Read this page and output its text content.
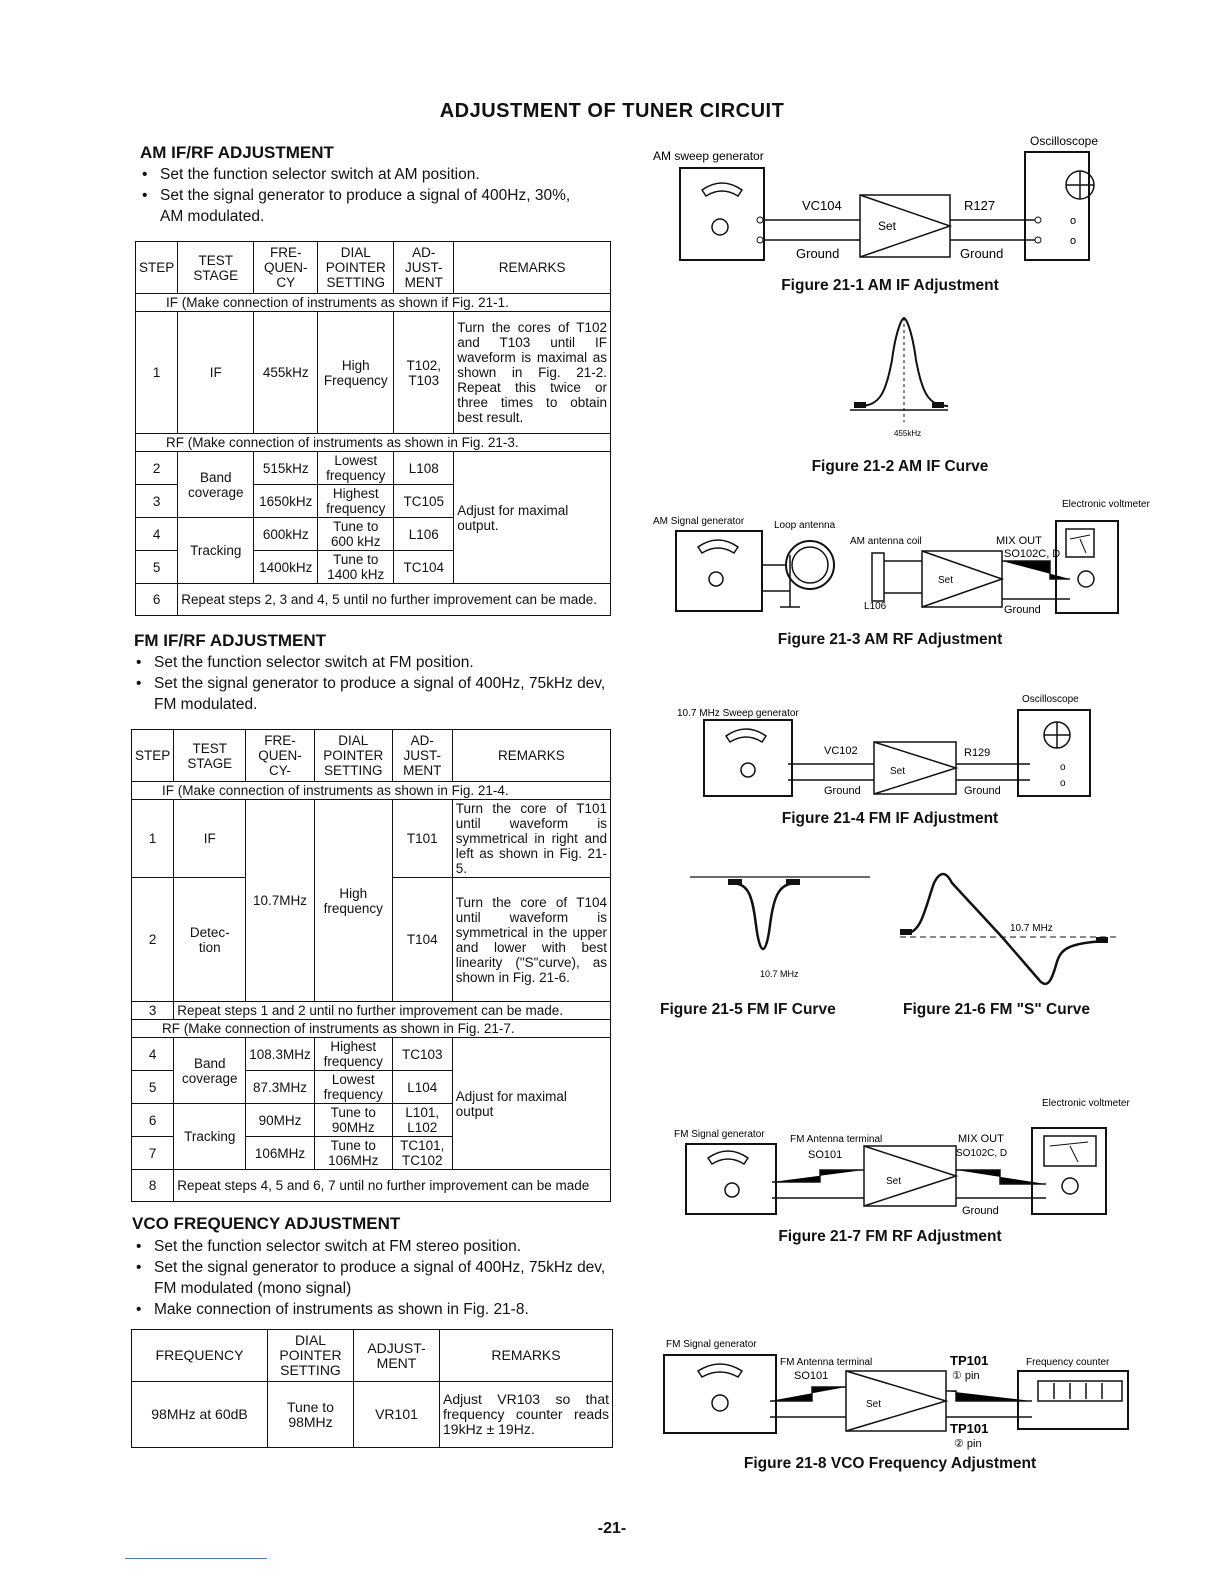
ADJUSTMENT OF TUNER CIRCUIT
AM IF/RF ADJUSTMENT
• Set the function selector switch at AM position.
• Set the signal generator to produce a signal of 400Hz, 30%, AM modulated.
STEP	TEST STAGE	FRE- QUEN- CY	DIAL POINTER SETTING	AD- JUST- MENT	REMARKS
IF (Make connection of instruments as shown if Fig. 21-1.					
1	IF	455kHz	High Frequency	T102, T103	Turn the cores of T102 and T103 until IF waveform is maximal as shown in Fig. 21-2. Repeat this twice or three times to obtain best result.
RF (Make connection of instruments as shown in Fig. 21-3.					
2	Band coverage	515kHz	Lowest frequency	L108	Adjust for maximal output.
3		1650kHz	Highest frequency	TC105	
4	Tracking	600kHz	Tune to 600 kHz	L106	
5		1400kHz	Tune to 1400 kHz	TC104	
6	Repeat steps 2, 3 and 4, 5 until no further improvement can be made.				
FM IF/RF ADJUSTMENT
• Set the function selector switch at FM position.
• Set the signal generator to produce a signal of 400Hz, 75kHz dev, FM modulated.
STEP	TEST STAGE	FRE- QUEN- CY-	DIAL POINTER SETTING	AD- JUST- MENT	REMARKS
IF (Make connection of instruments as shown in Fig. 21-4.					
1	IF	10.7MHz	High frequency	T101	Turn the core of T101 until waveform is symmetrical in right and left as shown in Fig. 21-5.
2	Detec- tion			T104	Turn the core of T104 until waveform is symmetrical in the upper and lower with best linearity ("S"curve), as shown in Fig. 21-6.
3	Repeat steps 1 and 2 until no further improvement can be made.				
RF (Make connection of instruments as shown in Fig. 21-7.					
4	Band coverage	108.3MHz	Highest frequency	TC103	Adjust for maximal output
5		87.3MHz	Lowest frequency	L104	
6	Tracking	90MHz	Tune to 90MHz	L101, L102	
7		106MHz	Tune to 106MHz	TC101, TC102	
8	Repeat steps 4, 5 and 6, 7 until no further improvement can be made				
VCO FREQUENCY ADJUSTMENT
• Set the function selector switch at FM stereo position.
• Set the signal generator to produce a signal of 400Hz, 75kHz dev, FM modulated (mono signal)
• Make connection of instruments as shown in Fig. 21-8.
FREQUENCY	DIAL POINTER SETTING	ADJUST- MENT	REMARKS
98MHz at 60dB	Tune to 98MHz	VR101	Adjust VR103 so that frequency counter reads 19kHz ± 19Hz.
AM sweep generator
Oscilloscope
Set	o
o
VC104	R127
Ground	Ground
Figure 21-1 AM IF Adjustment
455kHz
Figure 21-2 AM IF Curve
AM Signal generator	Loop antenna
AM antenna coil
Electronic voltmeter
MIX OUT
SO102C, D
Set
L106	Ground
Figure 21-3 AM RF Adjustment
10.7 MHz Sweep generator
Oscilloscope
Set	o
o
VC102	R129
Ground	Ground
Figure 21-4 FM IF Adjustment
10.7 MHz
10.7 MHz
Figure 21-5 FM IF Curve	Figure 21-6 FM "S" Curve
FM Signal generator	FM Antenna terminal
SO101
MIX OUT
SO102C, D
Electronic voltmeter
Set
Ground
Figure 21-7 FM RF Adjustment
FM Signal generator
FM Antenna terminal
SO101
TP101
① pin
Frequency counter
Set
TP101
② pin
Figure 21-8 VCO Frequency Adjustment
-21-
